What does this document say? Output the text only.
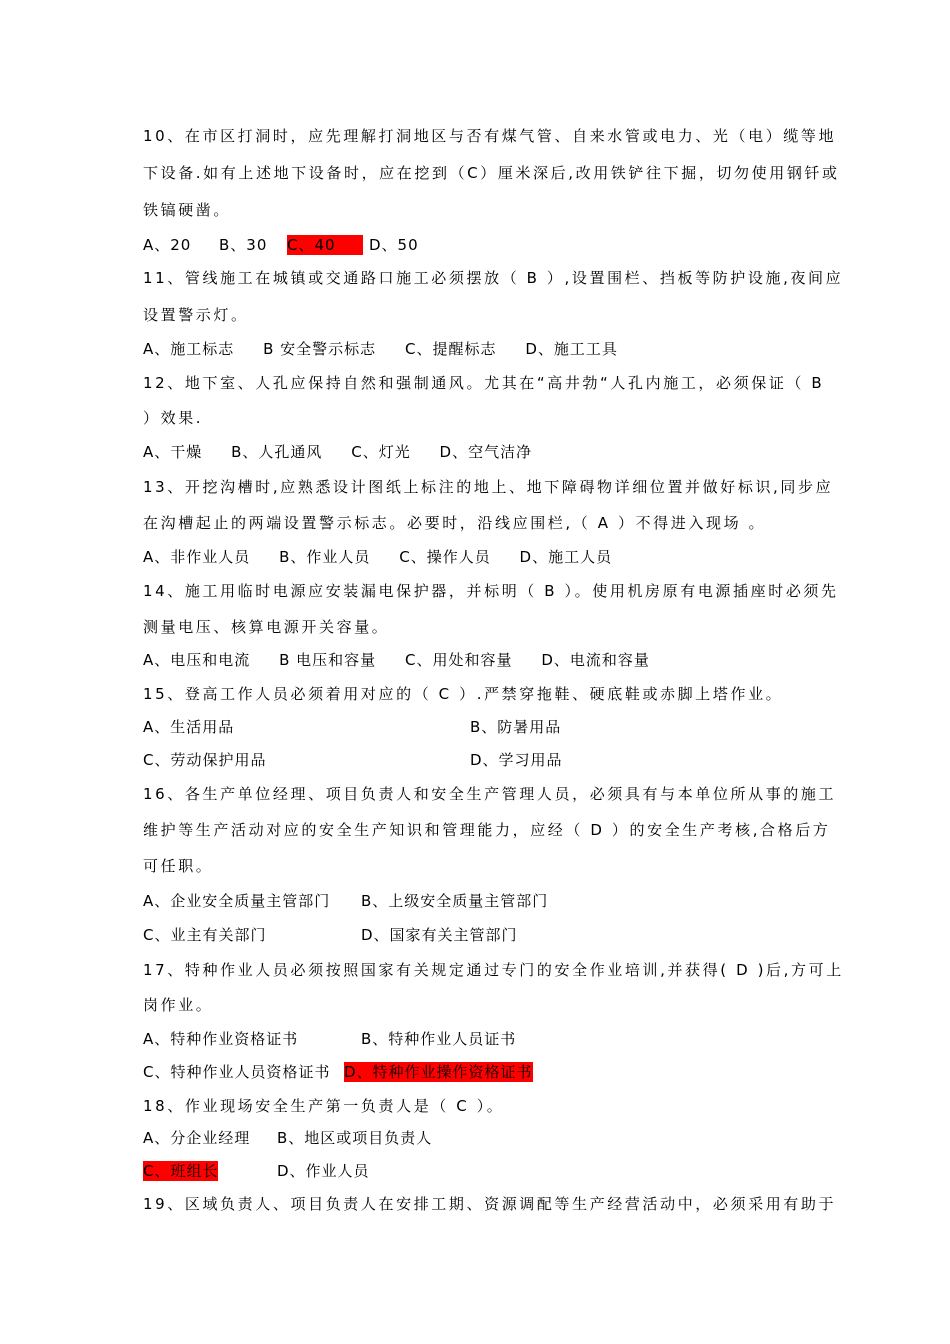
10、在市区打洞时，应先理解打洞地区与否有煤气管、自来水管或电力、光（电）缆等地
下设备.如有上述地下设备时，应在挖到（C）厘米深后,改用铁铲往下掘，切勿使用钢钎或
铁镐硬凿。
A、20 B、30 C、40	D、50
11、管线施工在城镇或交通路口施工必须摆放（ B ）,设置围栏、挡板等防护设施,夜间应
设置警示灯。
A、施工标志     B 安全警示标志     C、提醒标志     D、施工工具
12、地下室、人孔应保持自然和强制通风。尤其在“高井勃“人孔内施工，必须保证（ B
）效果.
A、干燥     B、人孔通风     C、灯光     D、空气洁净
13、开挖沟槽时,应熟悉设计图纸上标注的地上、地下障碍物详细位置并做好标识,同步应
在沟槽起止的两端设置警示标志。必要时，沿线应围栏,（ A ）不得进入现场 。
A、非作业人员     B、作业人员     C、操作人员     D、施工人员
14、施工用临时电源应安装漏电保护器，并标明（ B ）。使用机房原有电源插座时必须先
测量电压、核算电源开关容量。
A、电压和电流     B 电压和容量     C、用处和容量     D、电流和容量
15、登高工作人员必须着用对应的（ C ）.严禁穿拖鞋、硬底鞋或赤脚上塔作业。
A、生活用品	B、防暑用品
C、劳动保护用品	D、学习用品
16、各生产单位经理、项目负责人和安全生产管理人员，必须具有与本单位所从事的施工
维护等生产活动对应的安全生产知识和管理能力，应经（ D ）的安全生产考核,合格后方
可任职。
A、企业安全质量主管部门 B、上级安全质量主管部门
C、业主有关部门	D、国家有关主管部门
17、特种作业人员必须按照国家有关规定通过专门的安全作业培训,并获得( D )后,方可上
岗作业。
A、特种作业资格证书	B、特种作业人员证书
C、特种作业人员资格证书 D、特种作业操作资格证书
18、作业现场安全生产第一负责人是（ C ）。
A、分企业经理 B、地区或项目负责人
C、班组长	D、作业人员
19、区域负责人、项目负责人在安排工期、资源调配等生产经营活动中，必须采用有助于
